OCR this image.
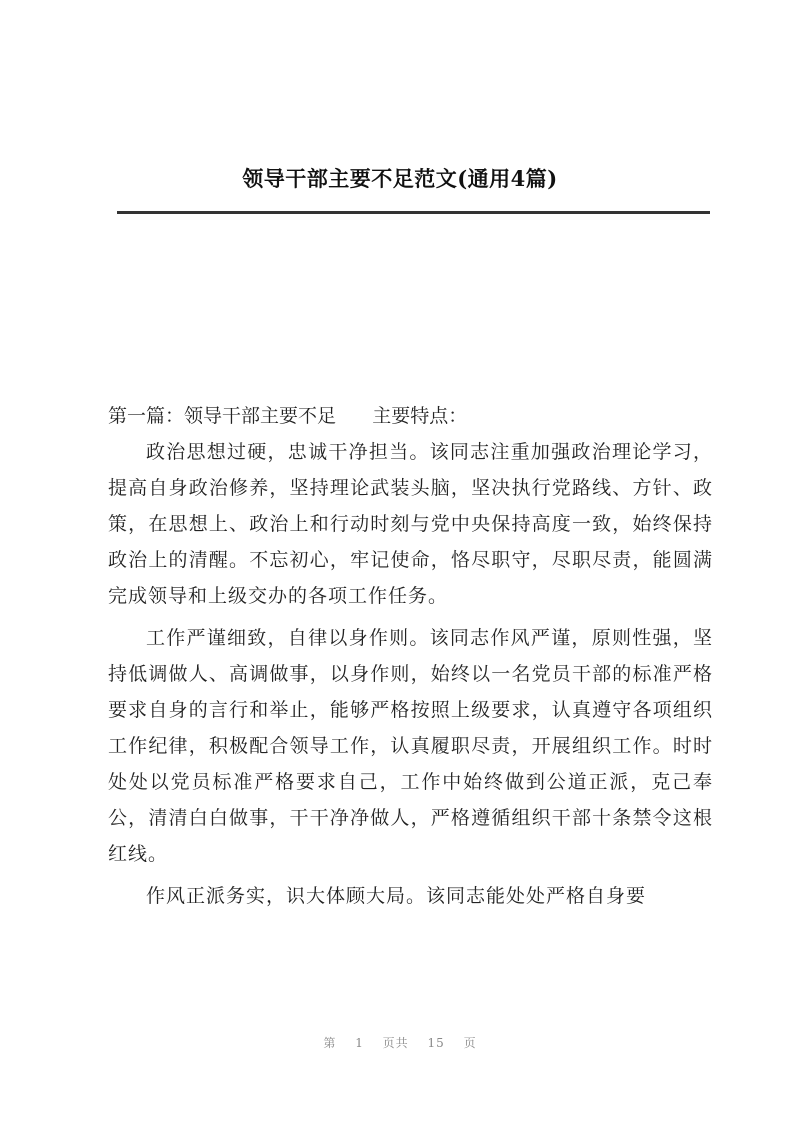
领导干部主要不足范文(通用4篇)
第一篇：领导干部主要不足 主要特点：

政治思想过硬，忠诚干净担当。该同志注重加强政治理论学习，提高自身政治修养，坚持理论武装头脑，坚决执行党路线、方针、政策，在思想上、政治上和行动时刻与党中央保持高度一致，始终保持政治上的清醒。不忘初心，牢记使命，恪尽职守，尽职尽责，能圆满完成领导和上级交办的各项工作任务。

工作严谨细致，自律以身作则。该同志作风严谨，原则性强，坚持低调做人、高调做事，以身作则，始终以一名党员干部的标准严格要求自身的言行和举止，能够严格按照上级要求，认真遵守各项组织工作纪律，积极配合领导工作，认真履职尽责，开展组织工作。时时处处以党员标准严格要求自己，工作中始终做到公道正派，克己奉公，清清白白做事，干干净净做人，严格遵循组织干部十条禁令这根红线。

作风正派务实，识大体顾大局。该同志能处处严格自身要

第 1 页共 15 页
